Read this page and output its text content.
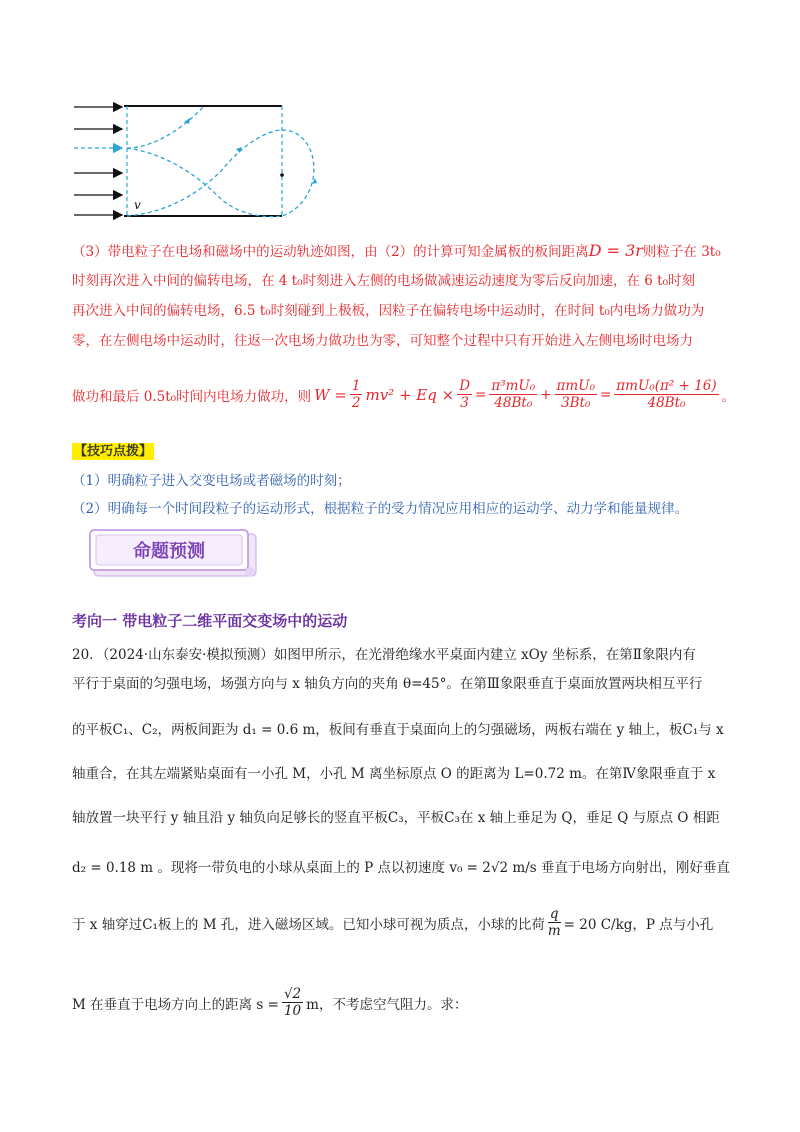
v
（3）带电粒子在电场和磁场中的运动轨迹如图，由（2）的计算可知金属板的板间距离D = 3r则粒子在 3t₀
时刻再次进入中间的偏转电场，在 4 t₀时刻进入左侧的电场做减速运动速度为零后反向加速，在 6 t₀时刻
再次进入中间的偏转电场，6.5 t₀时刻碰到上极板，因粒子在偏转电场中运动时，在时间 t₀内电场力做功为
零，在左侧电场中运动时，往返一次电场力做功也为零，可知整个过程中只有开始进入左侧电场时电场力
做功和最后 0.5t₀时间内电场力做功，则 $W = \frac{1}{2} mv^2 + Eq \times \frac{D}{3} = \frac{\text{π³mU₀}}{\text{48Bt₀}} + \frac{\text{πmU₀}}{\text{3Bt₀}} = \frac{\text{πmU₀(π² + 16)}}{\text{48Bt₀}}$ 。
【技巧点拨】
（1）明确粒子进入交变电场或者磁场的时刻；
（2）明确每一个时间段粒子的运动形式，根据粒子的受力情况应用相应的运动学、动力学和能量规律。
命题预测
考向一 带电粒子二维平面交变场中的运动
20．（2024·山东泰安·模拟预测）如图甲所示，在光滑绝缘水平桌面内建立 xOy 坐标系，在第Ⅱ象限内有
平行于桌面的匀强电场，场强方向与 x 轴负方向的夹角 θ=45°。在第Ⅲ象限垂直于桌面放置两块相互平行
的平板C₁、C₂，两板间距为 d₁ = 0.6 m，板间有垂直于桌面向上的匀强磁场，两板右端在 y 轴上，板C₁与 x
轴重合，在其左端紧贴桌面有一小孔 M，小孔 M 离坐标原点 O 的距离为 L=0.72 m。在第Ⅳ象限垂直于 x
轴放置一块平行 y 轴且沿 y 轴负向足够长的竖直平板C₃，平板C₃在 x 轴上垂足为 Q，垂足 Q 与原点 O 相距
d₂ = 0.18 m 。现将一带负电的小球从桌面上的 P 点以初速度 v₀ = 2√2 m/s 垂直于电场方向射出，刚好垂直
于 x 轴穿过C₁板上的 M 孔，进入磁场区域。已知小球可视为质点，小球的比荷 $\frac{q}{m} = 20$ C/kg，P 点与小孔
M 在垂直于电场方向上的距离 $s = \frac{√2}{10}$ m，不考虑空气阻力。求：
